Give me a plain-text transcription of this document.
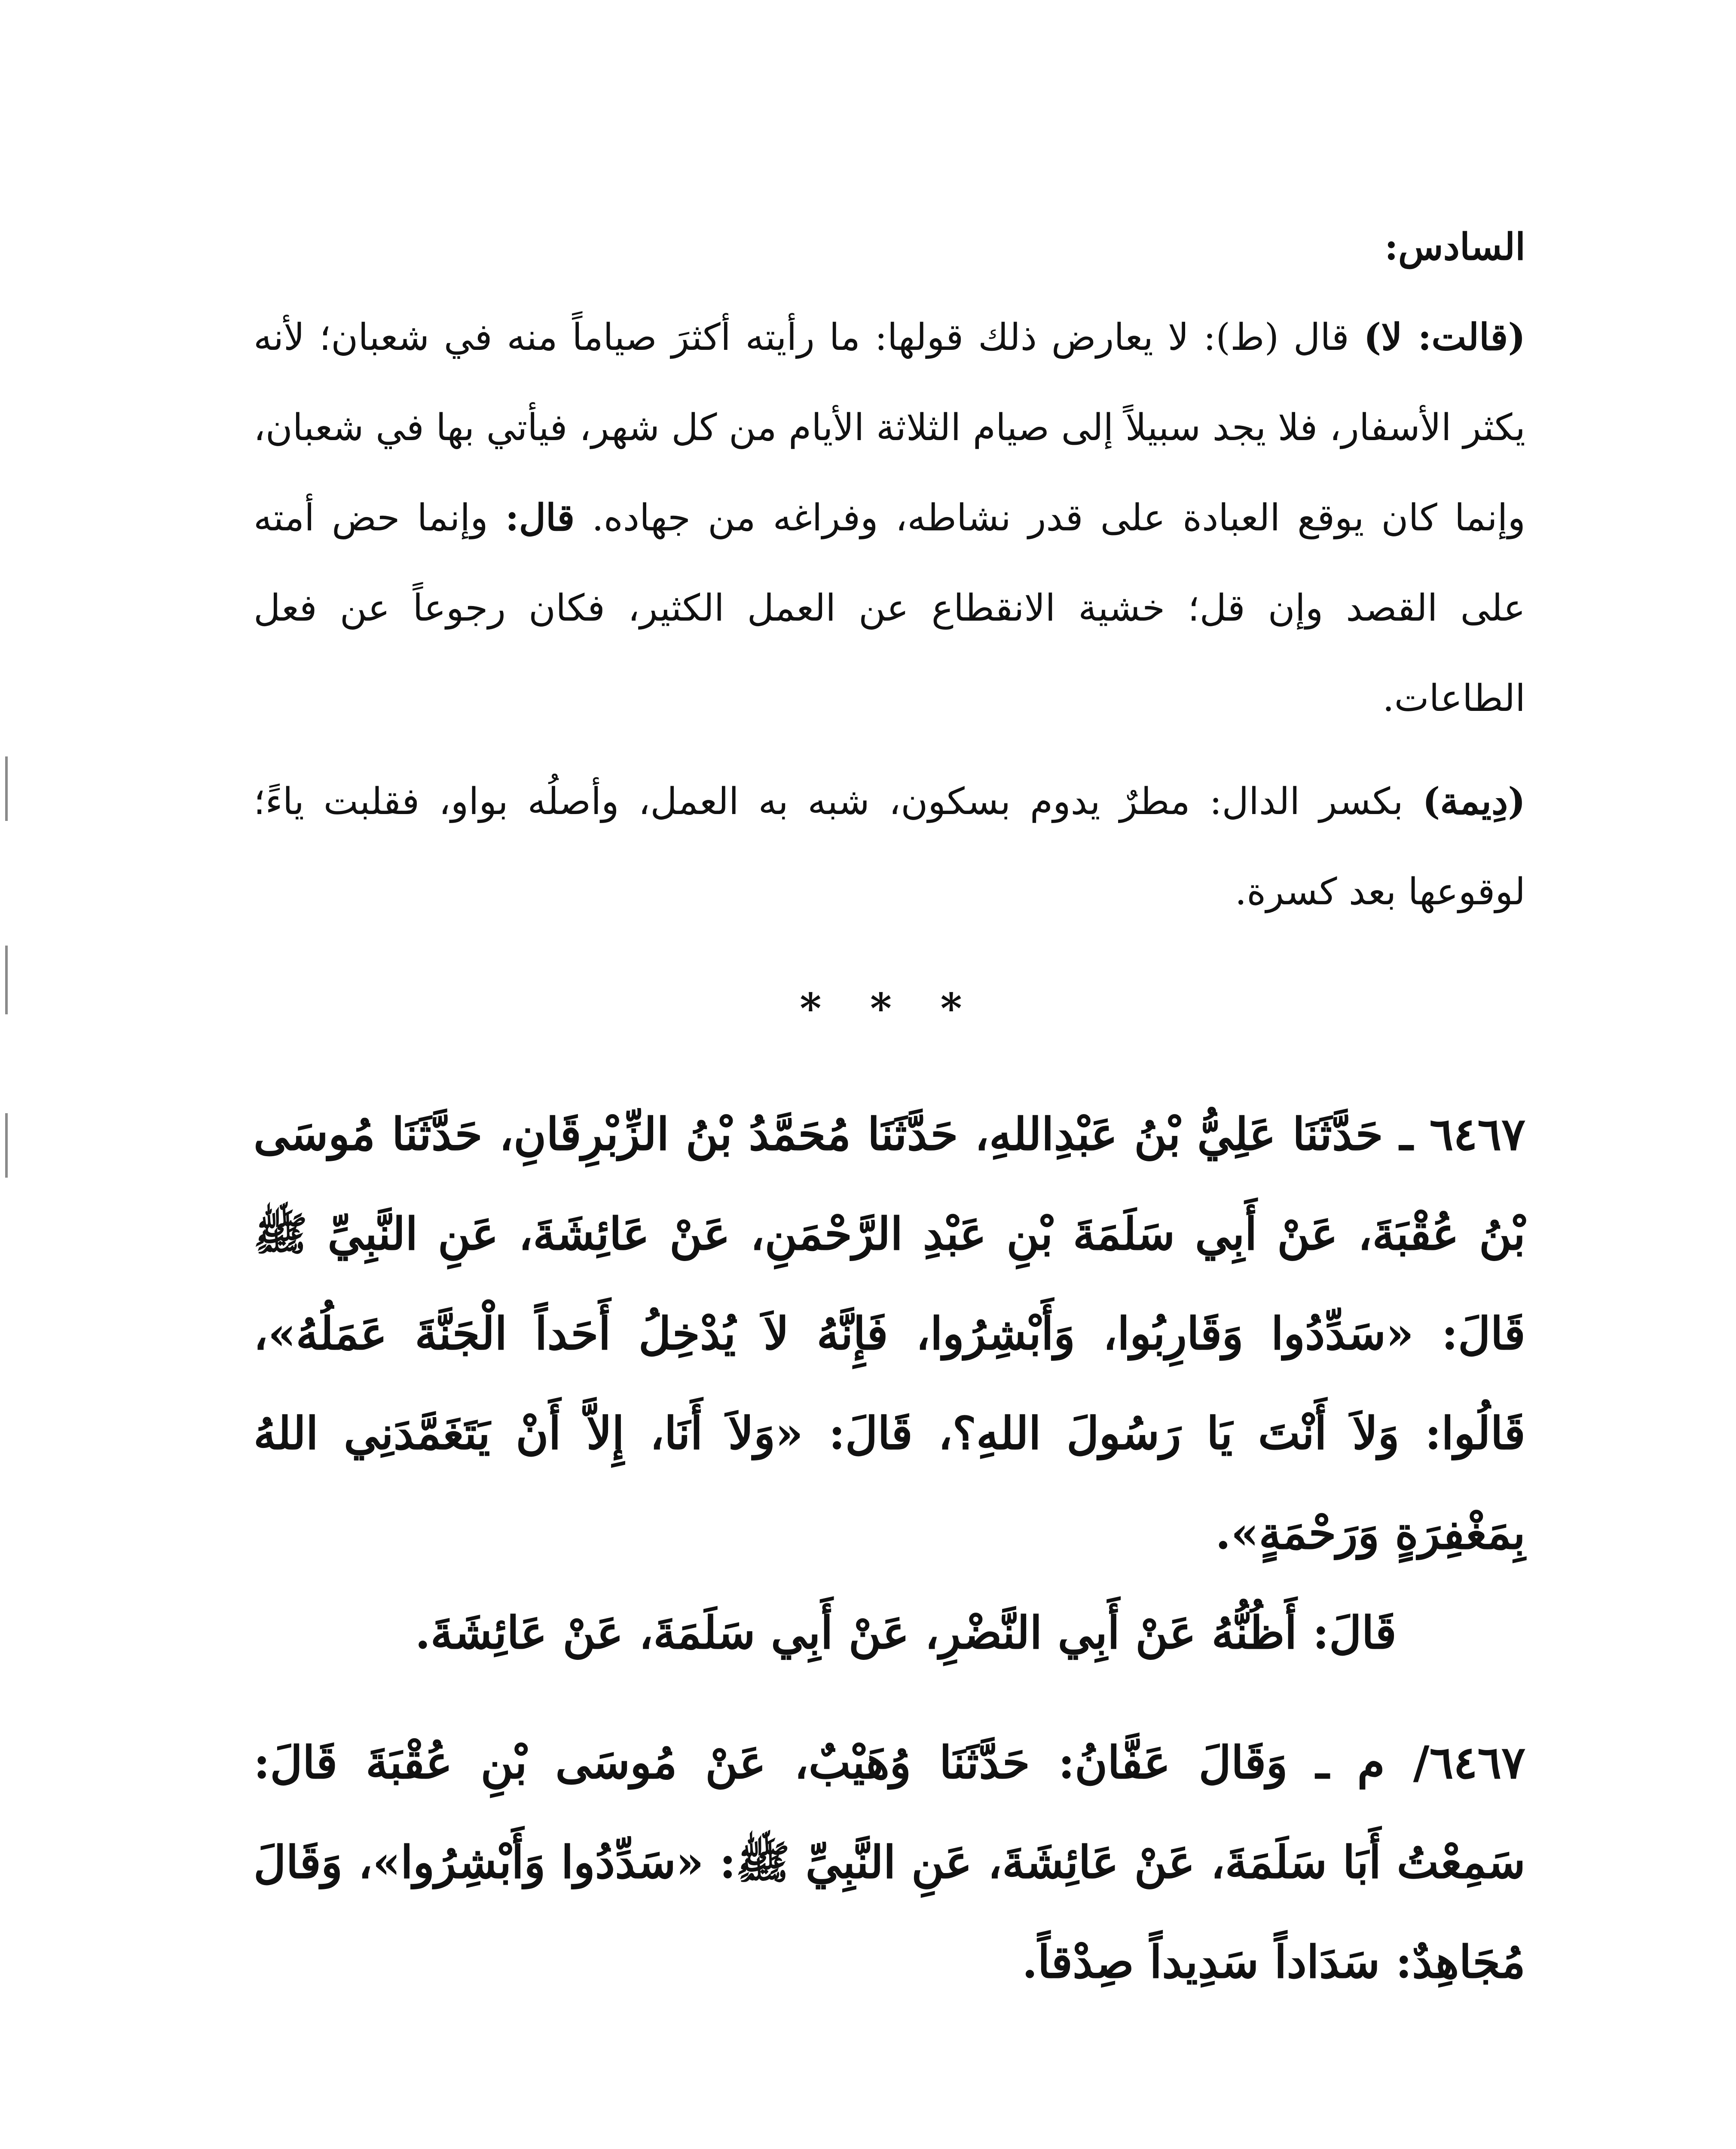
السادس:

(قالت: لا) قال (ط): لا يعارض ذلك قولها: ما رأيته أكثرَ صياماً منه في شعبان؛ لأنه يكثر الأسفار، فلا يجد سبيلاً إلى صيام الثلاثة الأيام من كل شهر، فيأتي بها في شعبان، وإنما كان يوقع العبادة على قدر نشاطه، وفراغه من جهاده. قال: وإنما حض أمته على القصد وإن قل؛ خشية الانقطاع عن العمل الكثير، فكان رجوعاً عن فعل الطاعات.

(دِيمة) بكسر الدال: مطرٌ يدوم بسكون، شبه به العمل، وأصلُه بواو، فقلبت ياءً؛ لوقوعها بعد كسرة.

* * *

٦٤٦٧ ـ حَدَّثَنَا عَلِيُّ بْنُ عَبْدِاللهِ، حَدَّثَنَا مُحَمَّدُ بْنُ الزِّبْرِقَانِ، حَدَّثَنَا مُوسَى بْنُ عُقْبَةَ، عَنْ أَبِي سَلَمَةَ بْنِ عَبْدِ الرَّحْمَنِ، عَنْ عَائِشَةَ، عَنِ النَّبِيِّ ﷺ قَالَ: «سَدِّدُوا وَقَارِبُوا، وَأَبْشِرُوا، فَإِنَّهُ لاَ يُدْخِلُ أَحَداً الْجَنَّةَ عَمَلُهُ»، قَالُوا: وَلاَ أَنْتَ يَا رَسُولَ اللهِ؟، قَالَ: «وَلاَ أَنَا، إِلاَّ أَنْ يَتَغَمَّدَنِي اللهُ بِمَغْفِرَةٍ وَرَحْمَةٍ».

قَالَ: أَظُنُّهُ عَنْ أَبِي النَّضْرِ، عَنْ أَبِي سَلَمَةَ، عَنْ عَائِشَةَ.

٦٤٦٧/ م ـ وَقَالَ عَفَّانُ: حَدَّثَنَا وُهَيْبٌ، عَنْ مُوسَى بْنِ عُقْبَةَ قَالَ: سَمِعْتُ أَبَا سَلَمَةَ، عَنْ عَائِشَةَ، عَنِ النَّبِيِّ ﷺ: «سَدِّدُوا وَأَبْشِرُوا»، وَقَالَ مُجَاهِدٌ: سَدَاداً سَدِيداً صِدْقاً.
